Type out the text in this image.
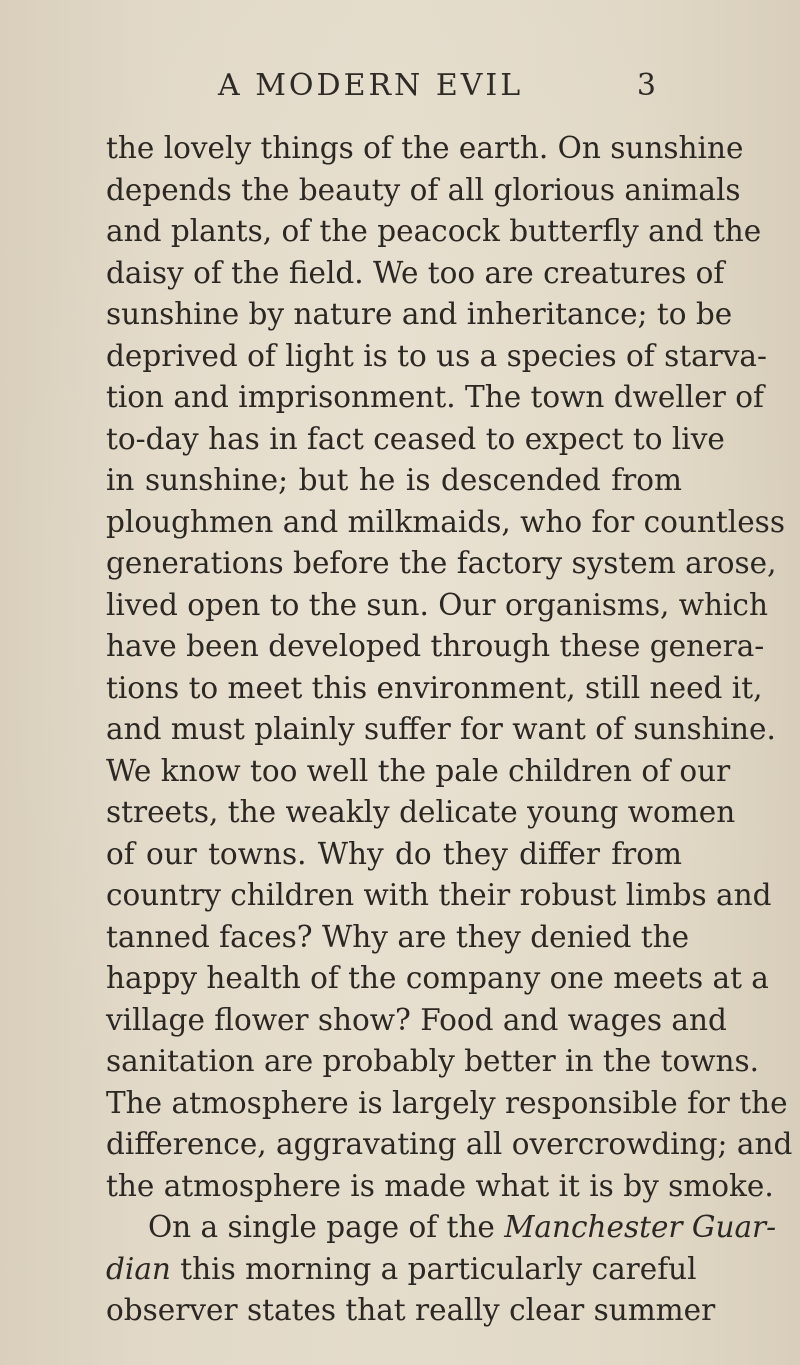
A MODERN EVIL	3
the lovely things of the earth. On sunshine
depends the beauty of all glorious animals
and plants, of the peacock butterfly and the
daisy of the field. We too are creatures of
sunshine by nature and inheritance; to be
deprived of light is to us a species of starva-
tion and imprisonment. The town dweller of
to-day has in fact ceased to expect to live
in sunshine; but he is descended from
ploughmen and milkmaids, who for countless
generations before the factory system arose,
lived open to the sun. Our organisms, which
have been developed through these genera-
tions to meet this environment, still need it,
and must plainly suffer for want of sunshine.
We know too well the pale children of our
streets, the weakly delicate young women
of our towns. Why do they differ from
country children with their robust limbs and
tanned faces? Why are they denied the
happy health of the company one meets at a
village flower show? Food and wages and
sanitation are probably better in the towns.
The atmosphere is largely responsible for the
difference, aggravating all overcrowding; and
the atmosphere is made what it is by smoke.
On a single page of the Manchester Guar-
dian this morning a particularly careful
observer states that really clear summer
